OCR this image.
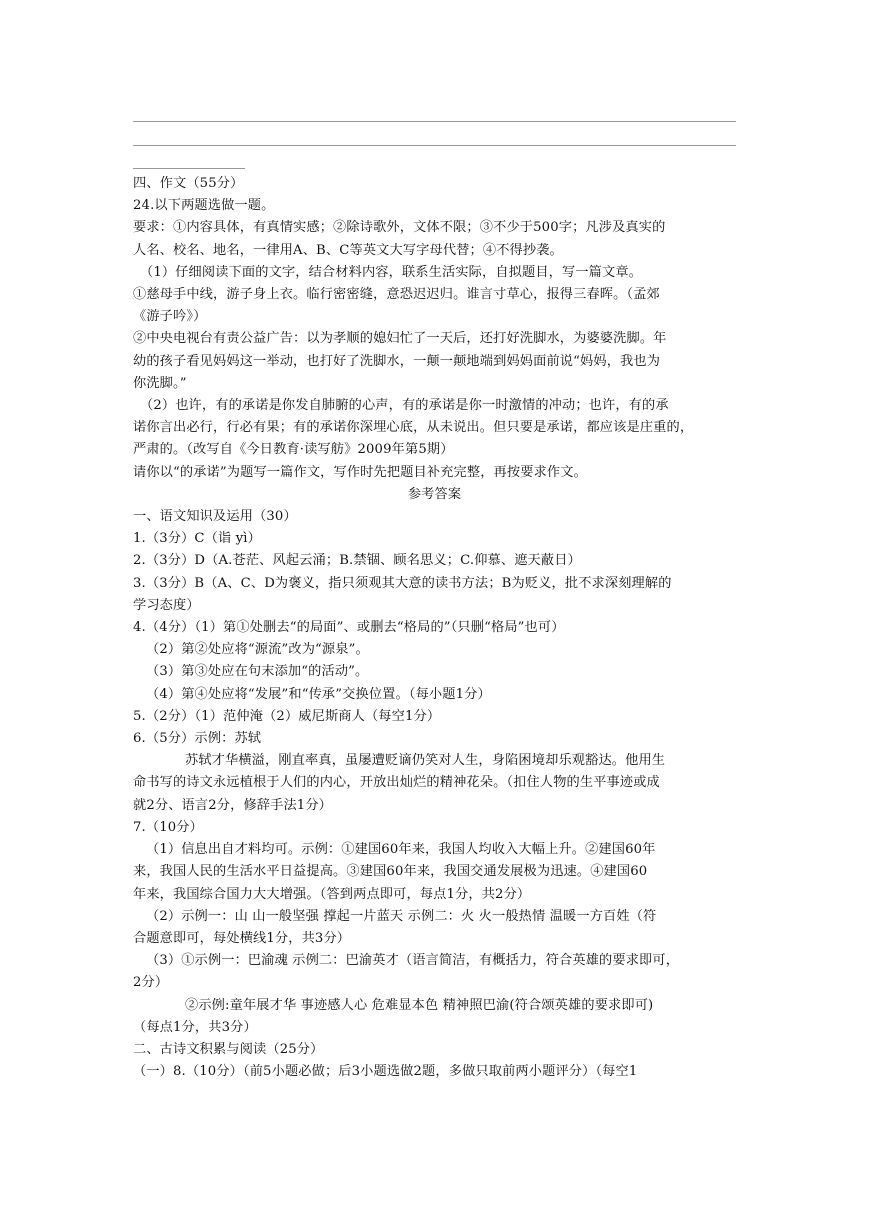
四、作文（55分）
24.以下两题选做一题。
要求：①内容具体，有真情实感；②除诗歌外，文体不限；③不少于500字；凡涉及真实的
人名、校名、地名，一律用A、B、C等英文大写字母代替；④不得抄袭。
（1）仔细阅读下面的文字，结合材料内容，联系生活实际，自拟题目，写一篇文章。
①慈母手中线，游子身上衣。临行密密缝，意恐迟迟归。谁言寸草心，报得三春晖。（孟郊
《游子吟》）
②中央电视台有责公益广告：以为孝顺的媳妇忙了一天后，还打好洗脚水，为婆婆洗脚。年
幼的孩子看见妈妈这一举动，也打好了洗脚水，一颠一颠地端到妈妈面前说“妈妈，我也为
你洗脚。”
（2）也许，有的承诺是你发自肺腑的心声，有的承诺是你一时激情的冲动；也许，有的承
诺你言出必行，行必有果；有的承诺你深埋心底，从未说出。但只要是承诺，都应该是庄重的，
严肃的。（改写自《今日教育·读写舫》2009年第5期）
请你以“的承诺”为题写一篇作文，写作时先把题目补充完整，再按要求作文。
参考答案
一、语文知识及运用（30）
1.（3分）C（诣 yì）
2.（3分）D（A.苍茫、风起云涌；B.禁锢、顾名思义；C.仰慕、遮天蔽日）
3.（3分）B（A、C、D为褒义，指只须观其大意的读书方法；B为贬义，批不求深刻理解的
学习态度）
4.（4分）（1）第①处删去“的局面”、或删去“格局的”（只删“格局”也可）
（2）第②处应将“源流”改为“源泉”。
（3）第③处应在句末添加“的活动”。
（4）第④处应将“发展”和“传承”交换位置。（每小题1分）
5.（2分）（1）范仲淹（2）威尼斯商人（每空1分）
6.（5分）示例：苏轼
苏轼才华横溢，刚直率真，虽屡遭贬谪仍笑对人生，身陷困境却乐观豁达。他用生
命书写的诗文永远植根于人们的内心，开放出灿烂的精神花朵。（扣住人物的生平事迹或成
就2分、语言2分，修辞手法1分）
7.（10分）
（1）信息出自才料均可。示例：①建国60年来，我国人均收入大幅上升。②建国60年
来，我国人民的生活水平日益提高。③建国60年来，我国交通发展极为迅速。④建国60
年来，我国综合国力大大增强。（答到两点即可，每点1分，共2分）
（2）示例一：山 山一般坚强 撑起一片蓝天 示例二：火 火一般热情 温暖一方百姓（符
合题意即可，每处横线1分，共3分）
（3）①示例一：巴渝魂 示例二：巴渝英才（语言简洁，有概括力，符合英雄的要求即可，
2分）
②示例:童年展才华 事迹感人心 危难显本色 精神照巴渝(符合颂英雄的要求即可)
（每点1分，共3分）
二、古诗文积累与阅读（25分）
（一）8.（10分）（前5小题必做；后3小题选做2题，多做只取前两小题评分）（每空1
